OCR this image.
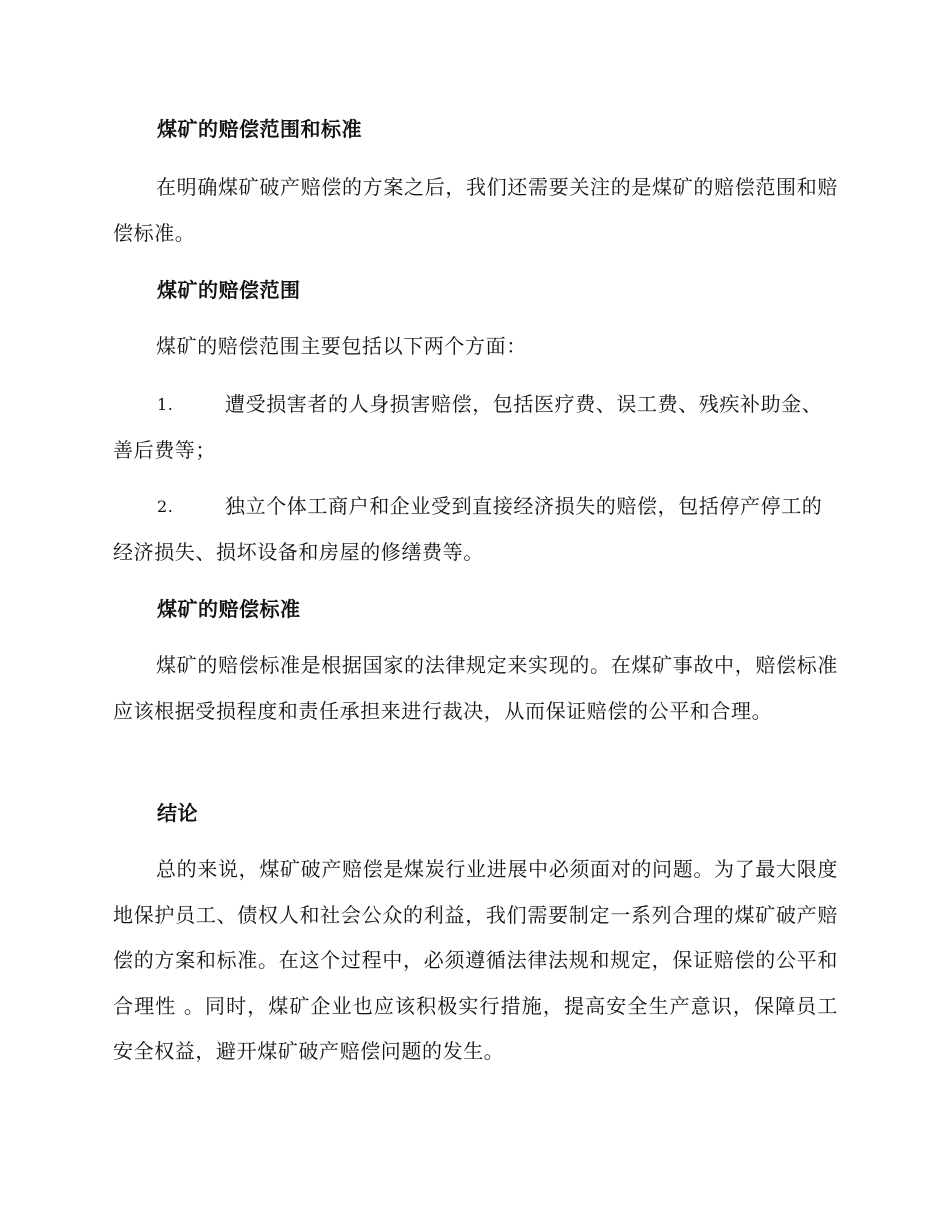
煤矿的赔偿范围和标准
在明确煤矿破产赔偿的方案之后，我们还需要关注的是煤矿的赔偿范围和赔偿标准。
煤矿的赔偿范围
煤矿的赔偿范围主要包括以下两个方面：
1.	遭受损害者的人身损害赔偿，包括医疗费、误工费、残疾补助金、善后费等；
2.	独立个体工商户和企业受到直接经济损失的赔偿，包括停产停工的经济损失、损坏设备和房屋的修缮费等。
煤矿的赔偿标准
煤矿的赔偿标准是根据国家的法律规定来实现的。在煤矿事故中，赔偿标准应该根据受损程度和责任承担来进行裁决，从而保证赔偿的公平和合理。
结论
总的来说，煤矿破产赔偿是煤炭行业进展中必须面对的问题。为了最大限度地保护员工、债权人和社会公众的利益，我们需要制定一系列合理的煤矿破产赔偿的方案和标准。在这个过程中，必须遵循法律法规和规定，保证赔偿的公平和合理性 。同时，煤矿企业也应该积极实行措施，提高安全生产意识，保障员工安全权益，避开煤矿破产赔偿问题的发生。
